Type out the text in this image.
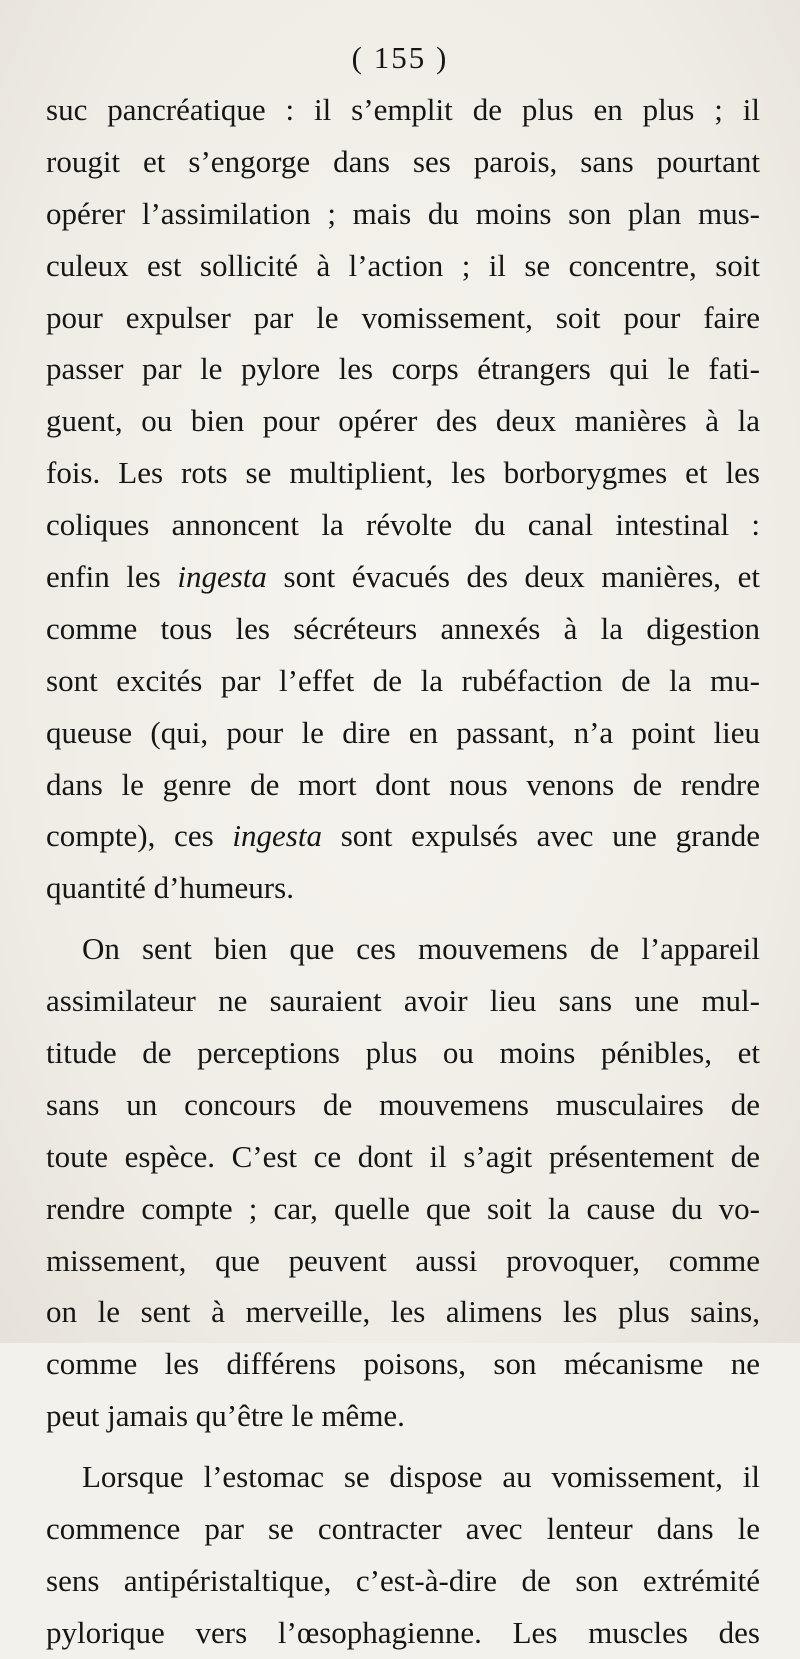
( 155 )
suc pancréatique : il s’emplit de plus en plus ; il
rougit et s’engorge dans ses parois, sans pourtant
opérer l’assimilation ; mais du moins son plan mus-
culeux est sollicité à l’action ; il se concentre, soit
pour expulser par le vomissement, soit pour faire
passer par le pylore les corps étrangers qui le fati-
guent, ou bien pour opérer des deux manières à la
fois. Les rots se multiplient, les borborygmes et les
coliques annoncent la révolte du canal intestinal :
enfin les ingesta sont évacués des deux manières, et
comme tous les sécréteurs annexés à la digestion
sont excités par l’effet de la rubéfaction de la mu-
queuse (qui, pour le dire en passant, n’a point lieu
dans le genre de mort dont nous venons de rendre
compte), ces ingesta sont expulsés avec une grande
quantité d’humeurs.
On sent bien que ces mouvemens de l’appareil
assimilateur ne sauraient avoir lieu sans une mul-
titude de perceptions plus ou moins pénibles, et
sans un concours de mouvemens musculaires de
toute espèce. C’est ce dont il s’agit présentement de
rendre compte ; car, quelle que soit la cause du vo-
missement, que peuvent aussi provoquer, comme
on le sent à merveille, les alimens les plus sains,
comme les différens poisons, son mécanisme ne
peut jamais qu’être le même.
Lorsque l’estomac se dispose au vomissement, il
commence par se contracter avec lenteur dans le
sens antipéristaltique, c’est-à-dire de son extrémité
pylorique vers l’œsophagienne. Les muscles des
